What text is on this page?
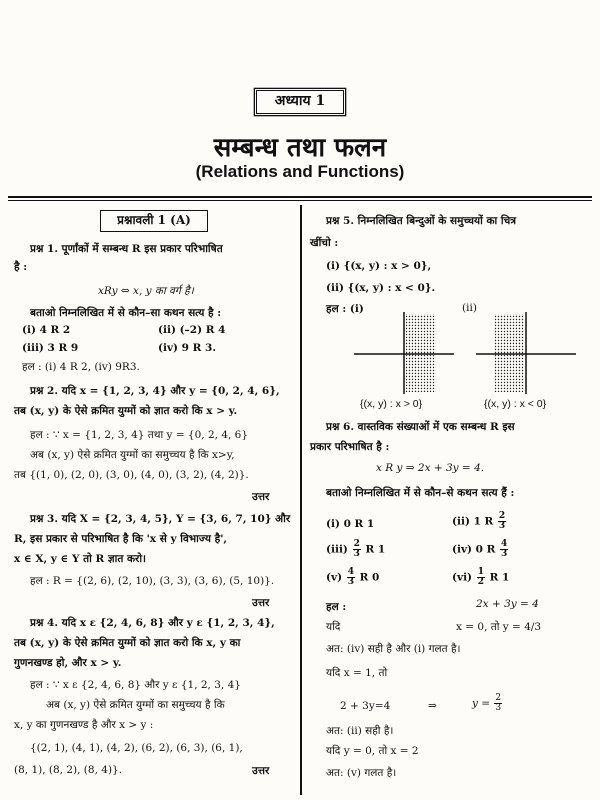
अध्याय 1
सम्बन्ध तथा फलन
(Relations and Functions)
प्रश्नावली 1 (A)
प्रश्न 1. पूर्णांकों में सम्बन्ध R इस प्रकार परिभाषित
है :
xRy ⇔ x, y का वर्ग है।
बताओ निम्नलिखित में से कौन–सा कथन सत्य है :
(i) 4 R 2	(ii) (–2) R 4
(iii) 3 R 9	(iv) 9 R 3.
हल : (i) 4 R 2, (iv) 9R3.
प्रश्न 2. यदि x = {1, 2, 3, 4} और y = {0, 2, 4, 6},
तब (x, y) के ऐसे क्रमित युग्मों को ज्ञात करो कि x > y.
हल : ∵ x = {1, 2, 3, 4} तथा y = {0, 2, 4, 6}
अब (x, y) ऐसे क्रमित युग्मों का समुच्चय है कि x>y,
तब {(1, 0), (2, 0), (3, 0), (4, 0), (3, 2), (4, 2)}.
उत्तर
प्रश्न 3. यदि X = {2, 3, 4, 5}, Y = {3, 6, 7, 10} और
R, इस प्रकार से परिभाषित है कि 'x से y विभाज्य है',
x ∈ X, y ∈ Y तो R ज्ञात करो।
हल : R = {(2, 6), (2, 10), (3, 3), (3, 6), (5, 10)}.
उत्तर
प्रश्न 4. यदि x ε {2, 4, 6, 8} और y ε {1, 2, 3, 4},
तब (x, y) के ऐसे क्रमित युग्मों को ज्ञात करो कि x, y का
गुणनखण्ड हो, और x > y.
हल : ∵ x ε {2, 4, 6, 8} और y ε {1, 2, 3, 4}
अब (x, y) ऐसे क्रमित युग्मों का समुच्चय है कि
x, y का गुणनखण्ड है और x > y :
{(2, 1), (4, 1), (4, 2), (6, 2), (6, 3), (6, 1),
(8, 1), (8, 2), (8, 4)}.	उत्तर
प्रश्न 5. निम्नलिखित बिन्दुओं के समुच्चयों का चित्र
खींचो :
(i) {(x, y) : x > 0},
(ii) {(x, y) : x < 0}.
हल : (i)	(ii)
{(x, y) : x > 0}	{(x, y) : x < 0}
प्रश्न 6. वास्तविक संख्याओं में एक सम्बन्ध R इस
प्रकार परिभाषित है :
x R y ⇒ 2x + 3y = 4.
बताओ निम्नलिखित में से कौन–से कथन सत्य हैं :
(i) 0 R 1	(ii) 1 R $\frac{2}{3}$
$(iii) \frac{2}{3}$ R 1	(iv) 0 R $\frac{4}{3}$
$(v) \frac{4}{3}$ R 0	$(vi) \frac{1}{2}$ R 1
हल :	2x + 3y = 4
यदि	x = 0, तो y = 4/3
अत: (iv) सही है और (i) गलत है।
यदि x = 1, तो
2 + 3y=4	⇒	$y = \frac{2}{3}$
अत: (ii) सही है।
यदि y = 0, तो x = 2
अत: (v) गलत है।
